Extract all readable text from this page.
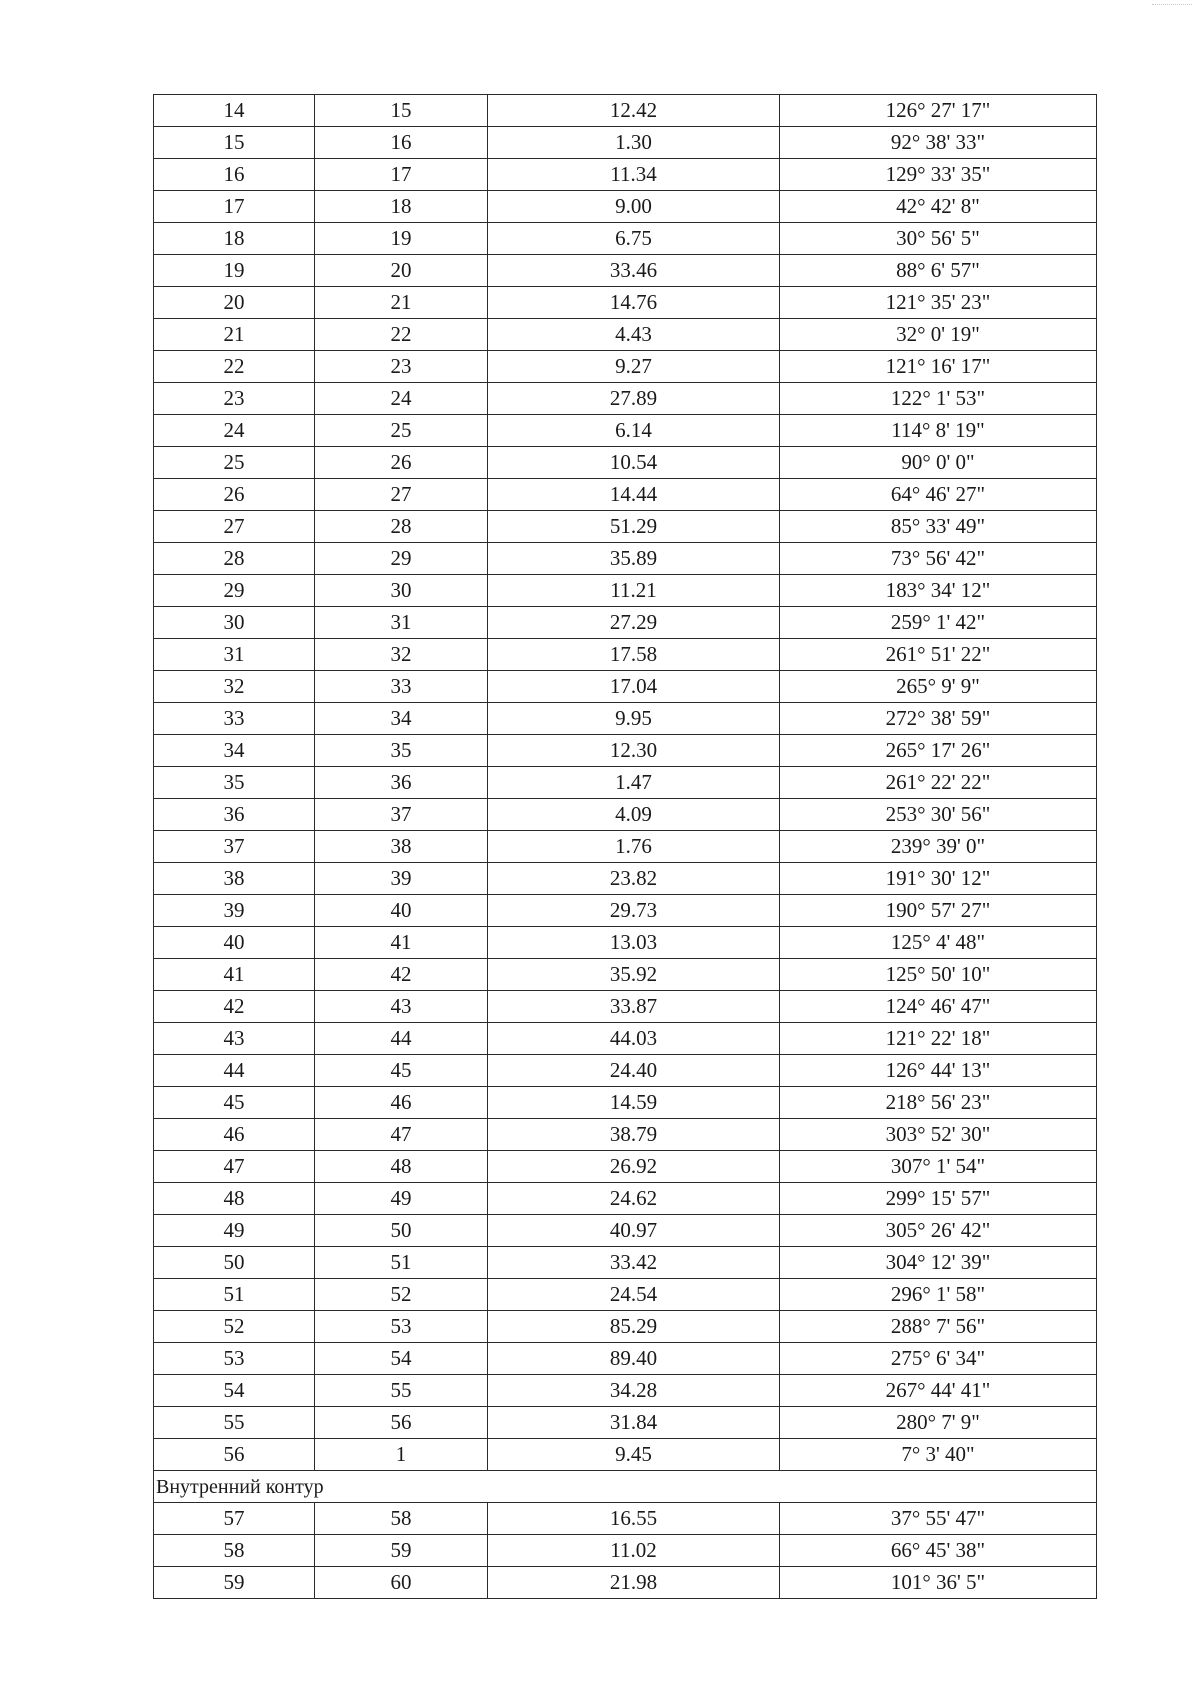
14	15	12.42	126° 27' 17"
15	16	1.30	92° 38' 33"
16	17	11.34	129° 33' 35"
17	18	9.00	42° 42' 8"
18	19	6.75	30° 56' 5"
19	20	33.46	88° 6' 57"
20	21	14.76	121° 35' 23"
21	22	4.43	32° 0' 19"
22	23	9.27	121° 16' 17"
23	24	27.89	122° 1' 53"
24	25	6.14	114° 8' 19"
25	26	10.54	90° 0' 0"
26	27	14.44	64° 46' 27"
27	28	51.29	85° 33' 49"
28	29	35.89	73° 56' 42"
29	30	11.21	183° 34' 12"
30	31	27.29	259° 1' 42"
31	32	17.58	261° 51' 22"
32	33	17.04	265° 9' 9"
33	34	9.95	272° 38' 59"
34	35	12.30	265° 17' 26"
35	36	1.47	261° 22' 22"
36	37	4.09	253° 30' 56"
37	38	1.76	239° 39' 0"
38	39	23.82	191° 30' 12"
39	40	29.73	190° 57' 27"
40	41	13.03	125° 4' 48"
41	42	35.92	125° 50' 10"
42	43	33.87	124° 46' 47"
43	44	44.03	121° 22' 18"
44	45	24.40	126° 44' 13"
45	46	14.59	218° 56' 23"
46	47	38.79	303° 52' 30"
47	48	26.92	307° 1' 54"
48	49	24.62	299° 15' 57"
49	50	40.97	305° 26' 42"
50	51	33.42	304° 12' 39"
51	52	24.54	296° 1' 58"
52	53	85.29	288° 7' 56"
53	54	89.40	275° 6' 34"
54	55	34.28	267° 44' 41"
55	56	31.84	280° 7' 9"
56	1	9.45	7° 3' 40"
Внутренний контур			
57	58	16.55	37° 55' 47"
58	59	11.02	66° 45' 38"
59	60	21.98	101° 36' 5"
